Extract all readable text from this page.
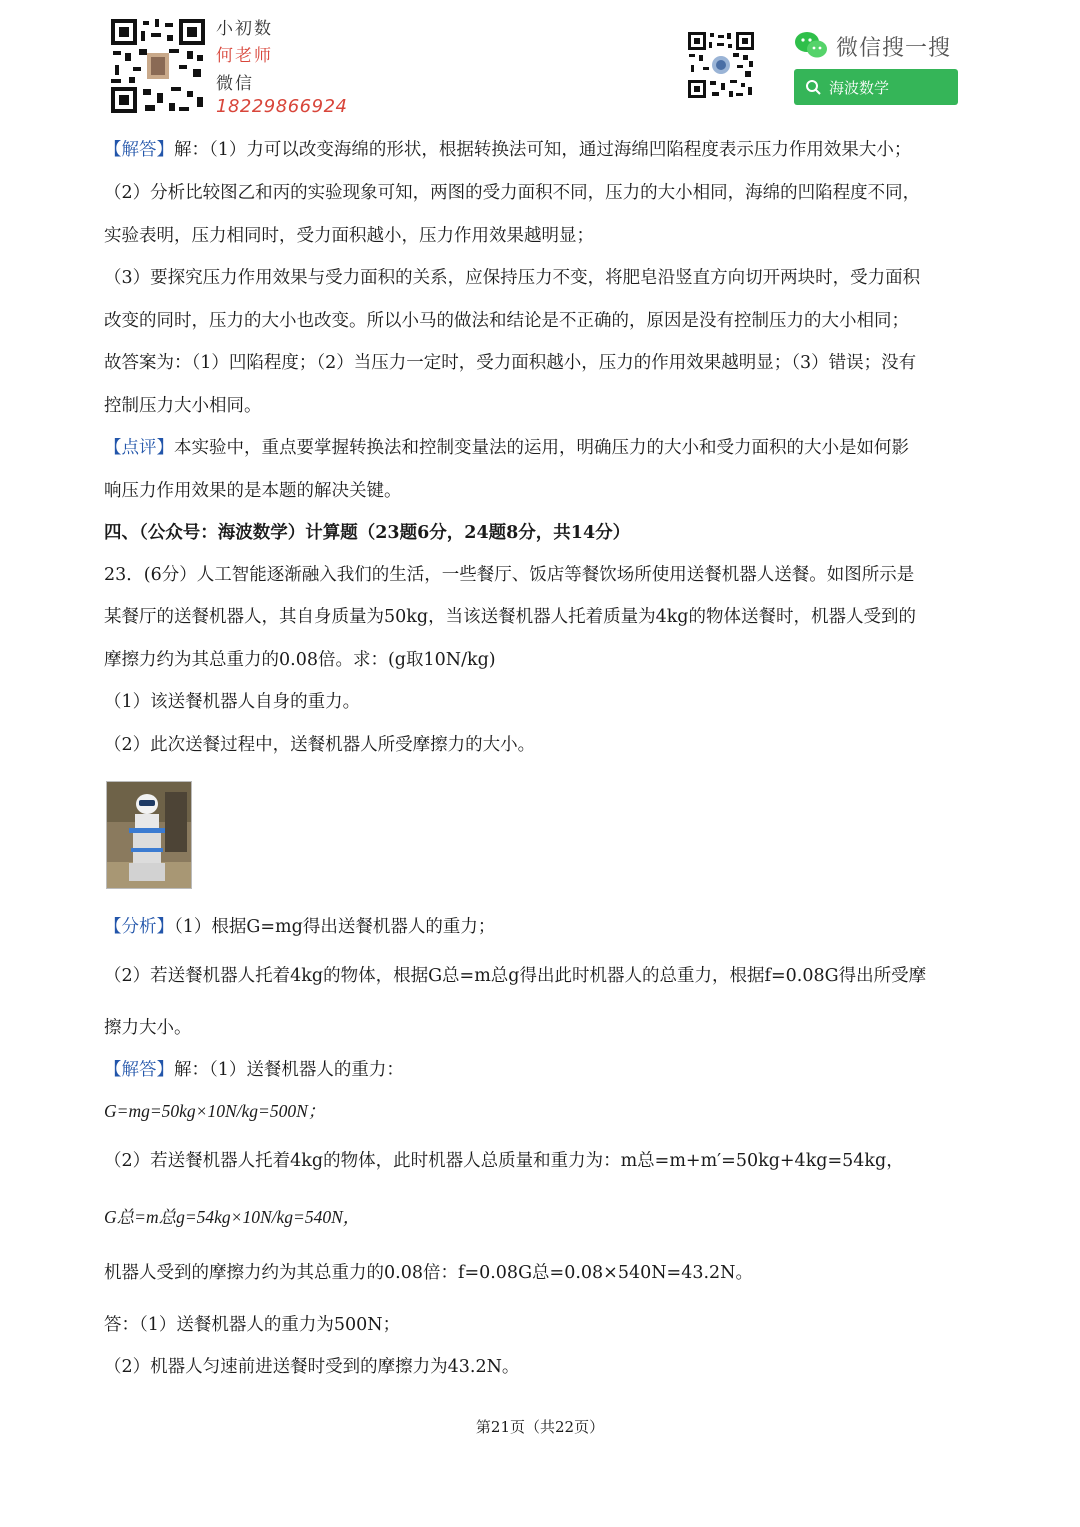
小初数
何老师
微信
18229866924
微信搜一搜
海波数学
【解答】解：（1）力可以改变海绵的形状，根据转换法可知，通过海绵凹陷程度表示压力作用效果大小；
（2）分析比较图乙和丙的实验现象可知，两图的受力面积不同，压力的大小相同，海绵的凹陷程度不同，
实验表明，压力相同时，受力面积越小，压力作用效果越明显；
（3）要探究压力作用效果与受力面积的关系，应保持压力不变，将肥皂沿竖直方向切开两块时，受力面积
改变的同时，压力的大小也改变。所以小马的做法和结论是不正确的，原因是没有控制压力的大小相同；
故答案为：（1）凹陷程度；（2）当压力一定时，受力面积越小，压力的作用效果越明显；（3）错误；没有
控制压力大小相同。
【点评】本实验中，重点要掌握转换法和控制变量法的运用，明确压力的大小和受力面积的大小是如何影
响压力作用效果的是本题的解决关键。
四、（公众号：海波数学）计算题（23题6分，24题8分，共14分）
23．(6分）人工智能逐渐融入我们的生活，一些餐厅、饭店等餐饮场所使用送餐机器人送餐。如图所示是
某餐厅的送餐机器人，其自身质量为50kg，当该送餐机器人托着质量为4kg的物体送餐时，机器人受到的
摩擦力约为其总重力的0.08倍。求：(g取10N/kg)
（1）该送餐机器人自身的重力。
（2）此次送餐过程中，送餐机器人所受摩擦力的大小。
【分析】（1）根据G=mg得出送餐机器人的重力；
（2）若送餐机器人托着4kg的物体，根据G总=m总g得出此时机器人的总重力，根据f=0.08G得出所受摩
擦力大小。
【解答】解：（1）送餐机器人的重力：
G=mg=50kg×10N/kg=500N；
（2）若送餐机器人托着4kg的物体，此时机器人总质量和重力为：m总=m+m′=50kg+4kg=54kg，
G总=m总g=54kg×10N/kg=540N，
机器人受到的摩擦力约为其总重力的0.08倍：f=0.08G总=0.08×540N=43.2N。
答：（1）送餐机器人的重力为500N；
（2）机器人匀速前进送餐时受到的摩擦力为43.2N。
第21页（共22页）
